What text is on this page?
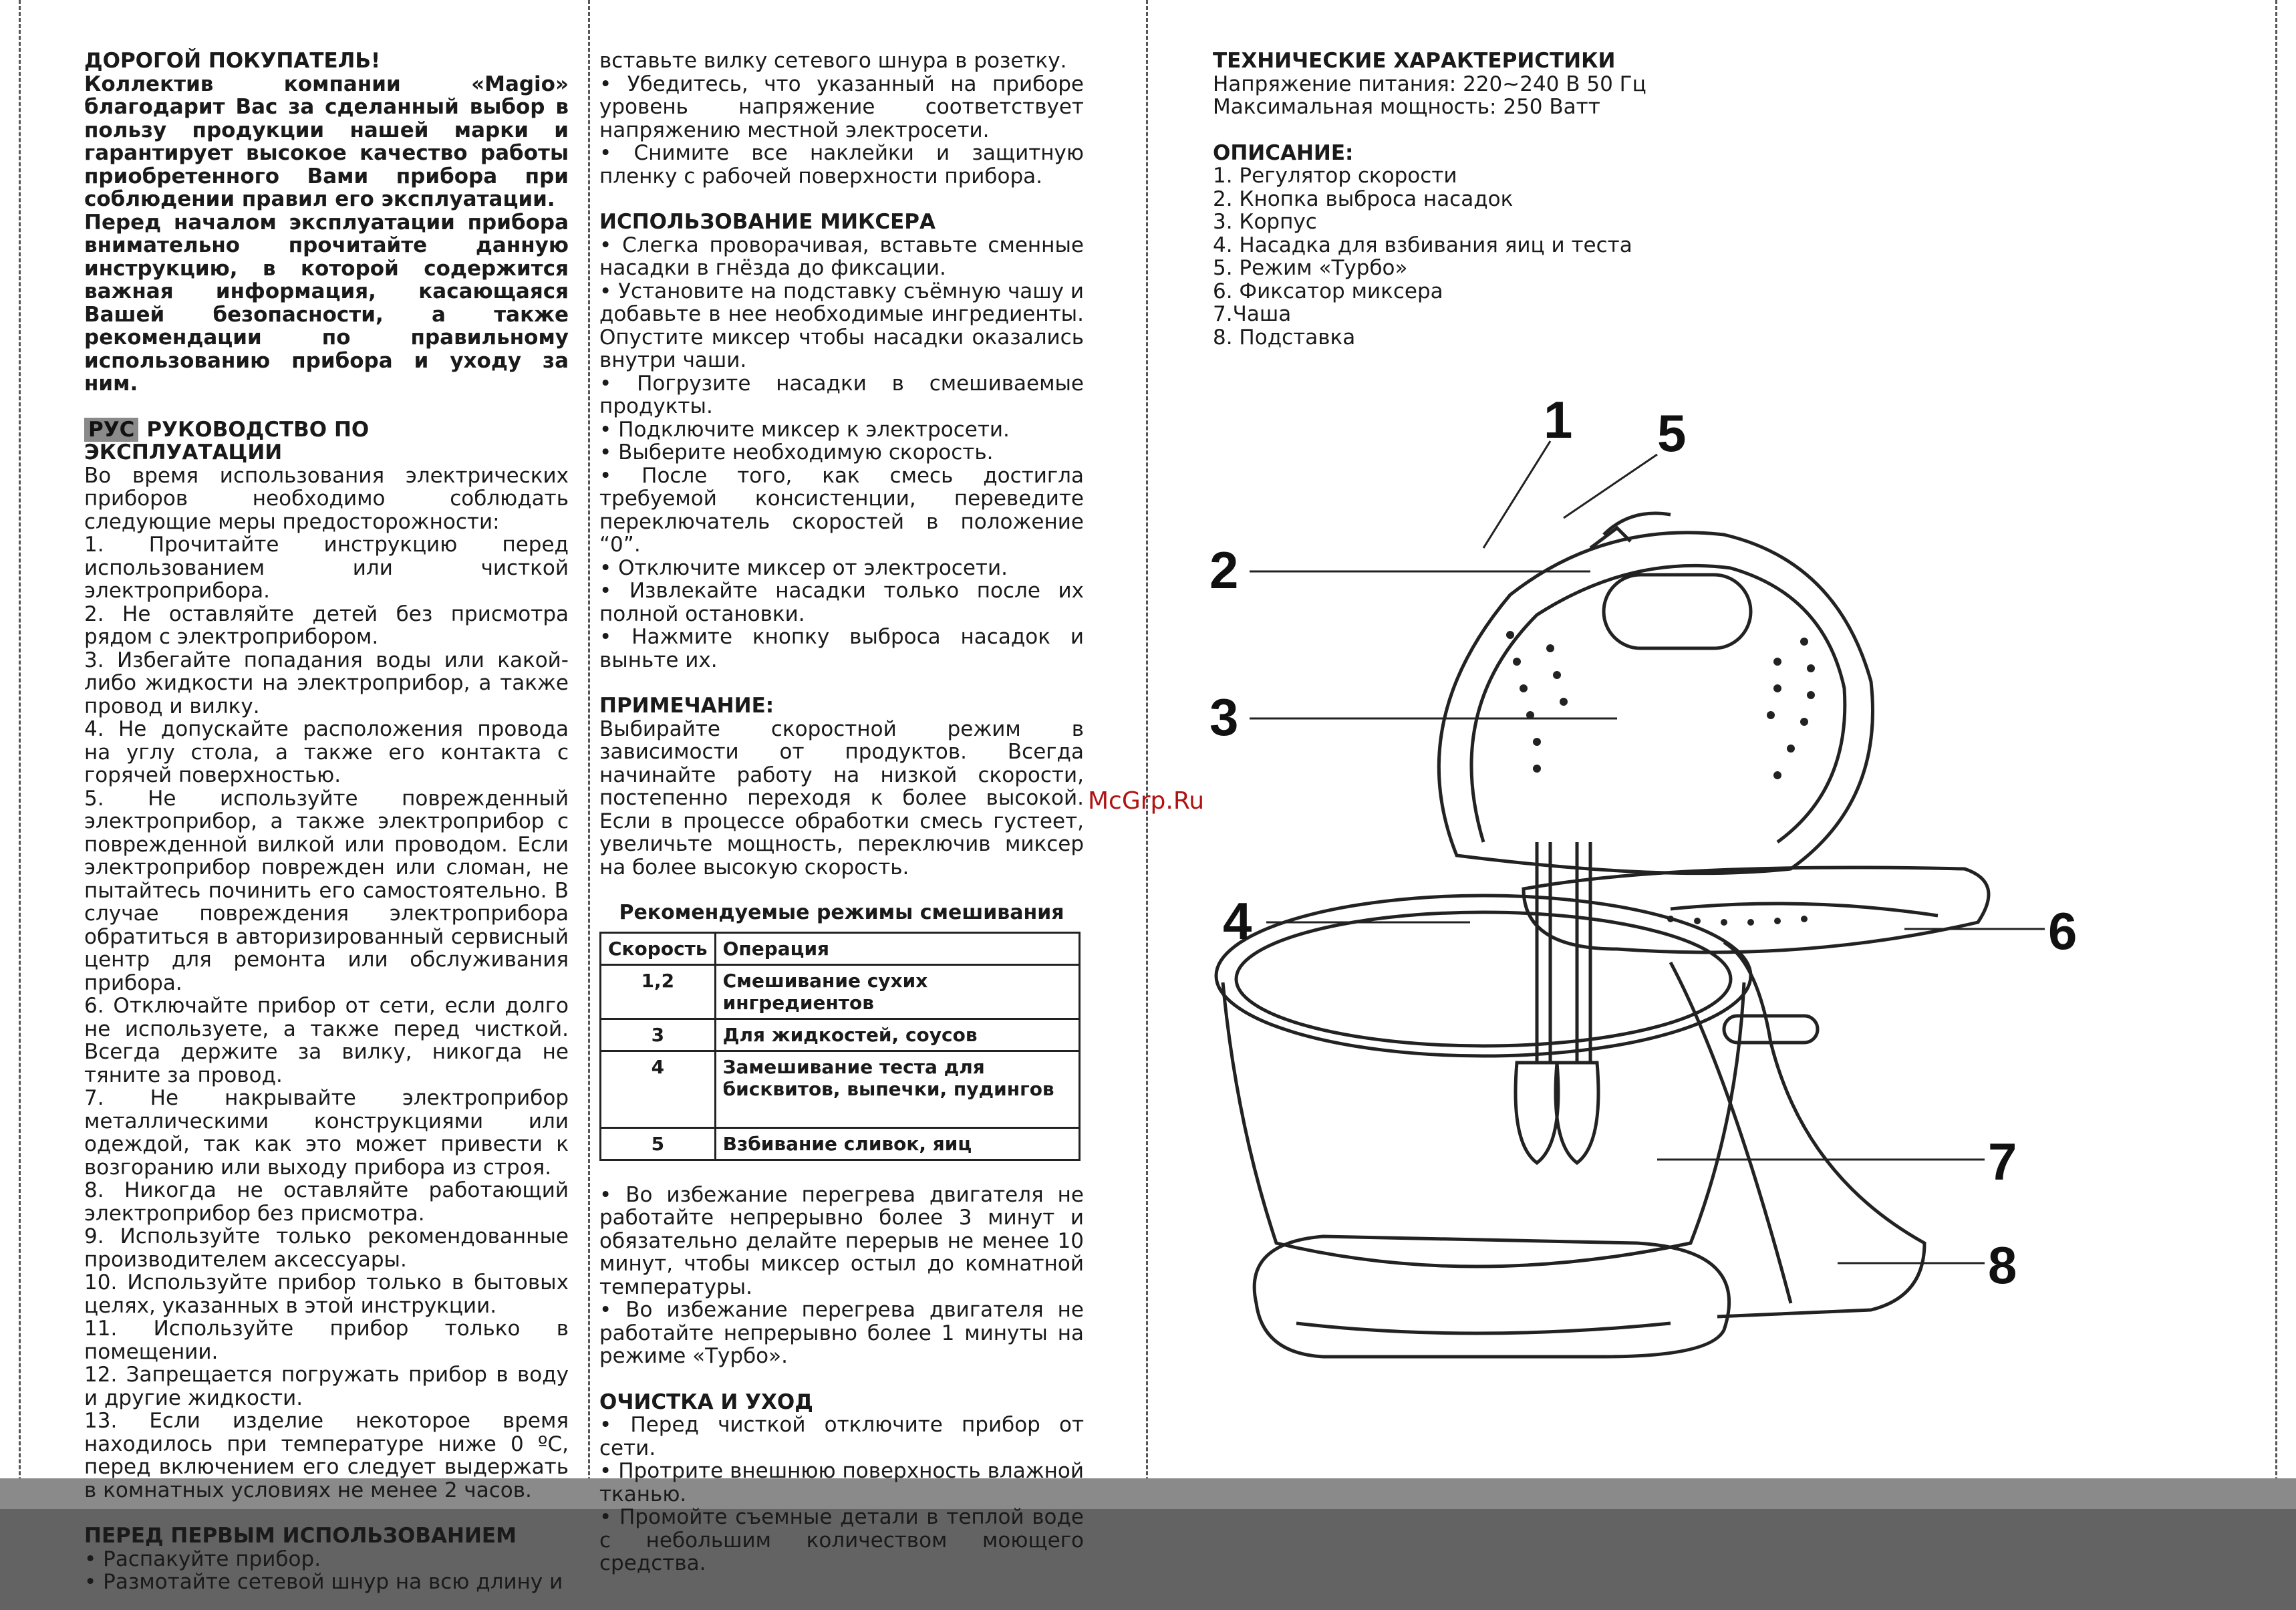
ДОРОГОЙ ПОКУПАТЕЛЬ!

Коллектив компании «Magio» благодарит Вас за сделанный выбор в пользу продукции нашей марки и гарантирует высокое качество работы приобретенного Вами прибора при соблюдении правил его эксплуатации.

Перед началом эксплуатации прибора внимательно прочитайте данную инструкцию, в которой содержится важная информация, касающаяся Вашей безопасности, а также рекомендации по правильному использованию прибора и уходу за ним.

РУС РУКОВОДСТВО ПО ЭКСПЛУАТАЦИИ

Во время использования электрических приборов необходимо соблюдать следующие меры предосторожности:

1. Прочитайте инструкцию перед использованием или чисткой электроприбора.

2. Не оставляйте детей без присмотра рядом с электроприбором.

3. Избегайте попадания воды или какой-либо жидкости на электроприбор, а также провод и вилку.

4. Не допускайте расположения провода на углу стола, а также его контакта с горячей поверхностью.

5. Не используйте поврежденный электроприбор, а также электроприбор с поврежденной вилкой или проводом. Если электроприбор поврежден или сломан, не пытайтесь починить его самостоятельно. В случае повреждения электроприбора обратиться в авторизированный сервисный центр для ремонта или обслуживания прибора.

6. Отключайте прибор от сети, если долго не используете, а также перед чисткой. Всегда держите за вилку, никогда не тяните за провод.

7. Не накрывайте электроприбор металлическими конструкциями или одеждой, так как это может привести к возгоранию или выходу прибора из строя.

8. Никогда не оставляйте работающий электроприбор без присмотра.

9. Используйте только рекомендованные производителем аксессуары.

10. Используйте прибор только в бытовых целях, указанных в этой инструкции.

11. Используйте прибор только в помещении.

12. Запрещается погружать прибор в воду и другие жидкости.

13. Если изделие некоторое время находилось при температуре ниже 0 ºС, перед включением его следует выдержать в комнатных условиях не менее 2 часов.

ПЕРЕД ПЕРВЫМ ИСПОЛЬЗОВАНИЕМ

• Распакуйте прибор.

• Размотайте сетевой шнур на всю длину и

вставьте вилку сетевого шнура в розетку.

• Убедитесь, что указанный на приборе уровень напряжение соответствует напряжению местной электросети.

• Снимите все наклейки и защитную пленку с рабочей поверхности прибора.

ИСПОЛЬЗОВАНИЕ МИКСЕРА

• Слегка проворачивая, вставьте сменные насадки в гнёзда до фиксации.

• Установите на подставку съёмную чашу и добавьте в нее необходимые ингредиенты. Опустите миксер чтобы насадки оказались внутри чаши.

• Погрузите насадки в смешиваемые продукты.

• Подключите миксер к электросети.

• Выберите необходимую скорость.

• После того, как смесь достигла требуемой консистенции, переведите переключатель скоростей в положение “0”.

• Отключите миксер от электросети.

• Извлекайте насадки только после их полной остановки.

• Нажмите кнопку выброса насадок и выньте их.

ПРИМЕЧАНИЕ:

Выбирайте скоростной режим в зависимости от продуктов. Всегда начинайте работу на низкой скорости, постепенно переходя к более высокой. Если в процессе обработки смесь густеет, увеличьте мощность, переключив миксер на более высокую скорость.

Рекомендуемые режимы смешивания

Скорость	Операция
1,2	Смешивание сухих ингредиентов
3	Для жидкостей, соусов
4	Замешивание теста для бисквитов, выпечки, пудингов
5	Взбивание сливок, яиц

• Во избежание перегрева двигателя не работайте непрерывно более 3 минут и обязательно делайте перерыв не менее 10 минут, чтобы миксер остыл до комнатной температуры.

• Во избежание перегрева двигателя не работайте непрерывно более 1 минуты на режиме «Турбо».

ОЧИСТКА И УХОД

• Перед чисткой отключите прибор от сети.

• Протрите внешнюю поверхность влажной тканью.

• Промойте съемные детали в теплой воде с небольшим количеством моющего средства.

ТЕХНИЧЕСКИЕ ХАРАКТЕРИСТИКИ

Напряжение питания: 220~240 В 50 Гц

Максимальная мощность: 250 Ватт

ОПИСАНИЕ:

1. Регулятор скорости

2. Кнопка выброса насадок

3. Корпус

4. Насадка для взбивания яиц и теста

5. Режим «Турбо»

6. Фиксатор миксера

7.Чаша

8. Подставка

McGrp.Ru
1
2
3
4
5
6
7
8
